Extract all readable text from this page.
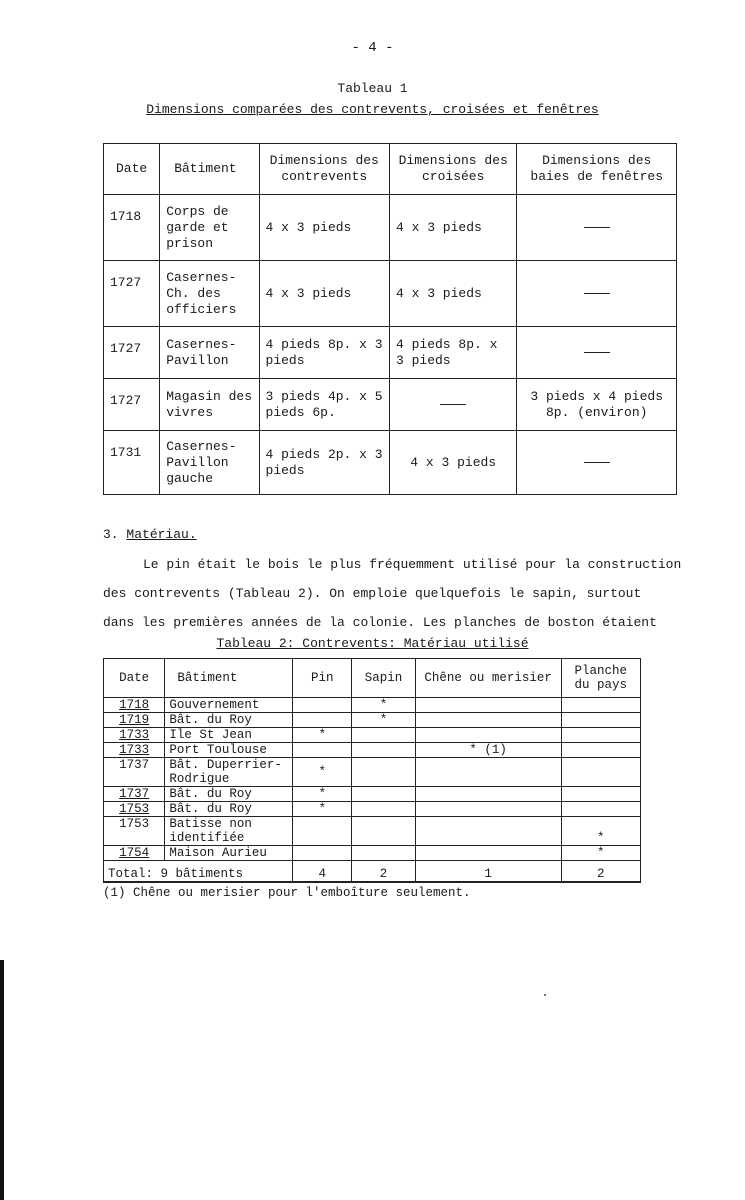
- 4 -
Tableau 1
Dimensions comparées des contrevents, croisées et fenêtres
Date	Bâtiment	Dimensions des contrevents	Dimensions des croisées	Dimensions des baies de fenêtres
1718	Corps de garde et prison	4 x 3 pieds	4 x 3 pieds	
1727	Casernes-Ch. des officiers	4 x 3 pieds	4 x 3 pieds	
1727	Casernes-Pavillon	4 pieds 8p. x 3 pieds	4 pieds 8p. x 3 pieds	
1727	Magasin des vivres	3 pieds 4p. x 5 pieds 6p.		3 pieds x 4 pieds 8p. (environ)
1731	Casernes-Pavillon gauche	4 pieds 2p. x 3 pieds	4 x 3 pieds	
3. Matériau.
Le pin était le bois le plus fréquemment utilisé pour la construction
des contrevents (Tableau 2). On emploie quelquefois le sapin, surtout
dans les premières années de la colonie. Les planches de boston étaient
Tableau 2: Contrevents: Matériau utilisé
Date	Bâtiment	Pin	Sapin	Chêne ou merisier	Planche du pays
1718	Gouvernement		*		
1719	Bât. du Roy		*		
1733	Ile St Jean	*			
1733	Port Toulouse			* (1)	
1737	Bât. Duperrier-Rodrigue	*			
1737	Bât. du Roy	*			
1753	Bât. du Roy	*			
1753	Batisse non identifiée				*
1754	Maison Aurieu				*
Total: 9 bâtiments		4	2	1	2
(1) Chêne ou merisier pour l'emboîture seulement.
